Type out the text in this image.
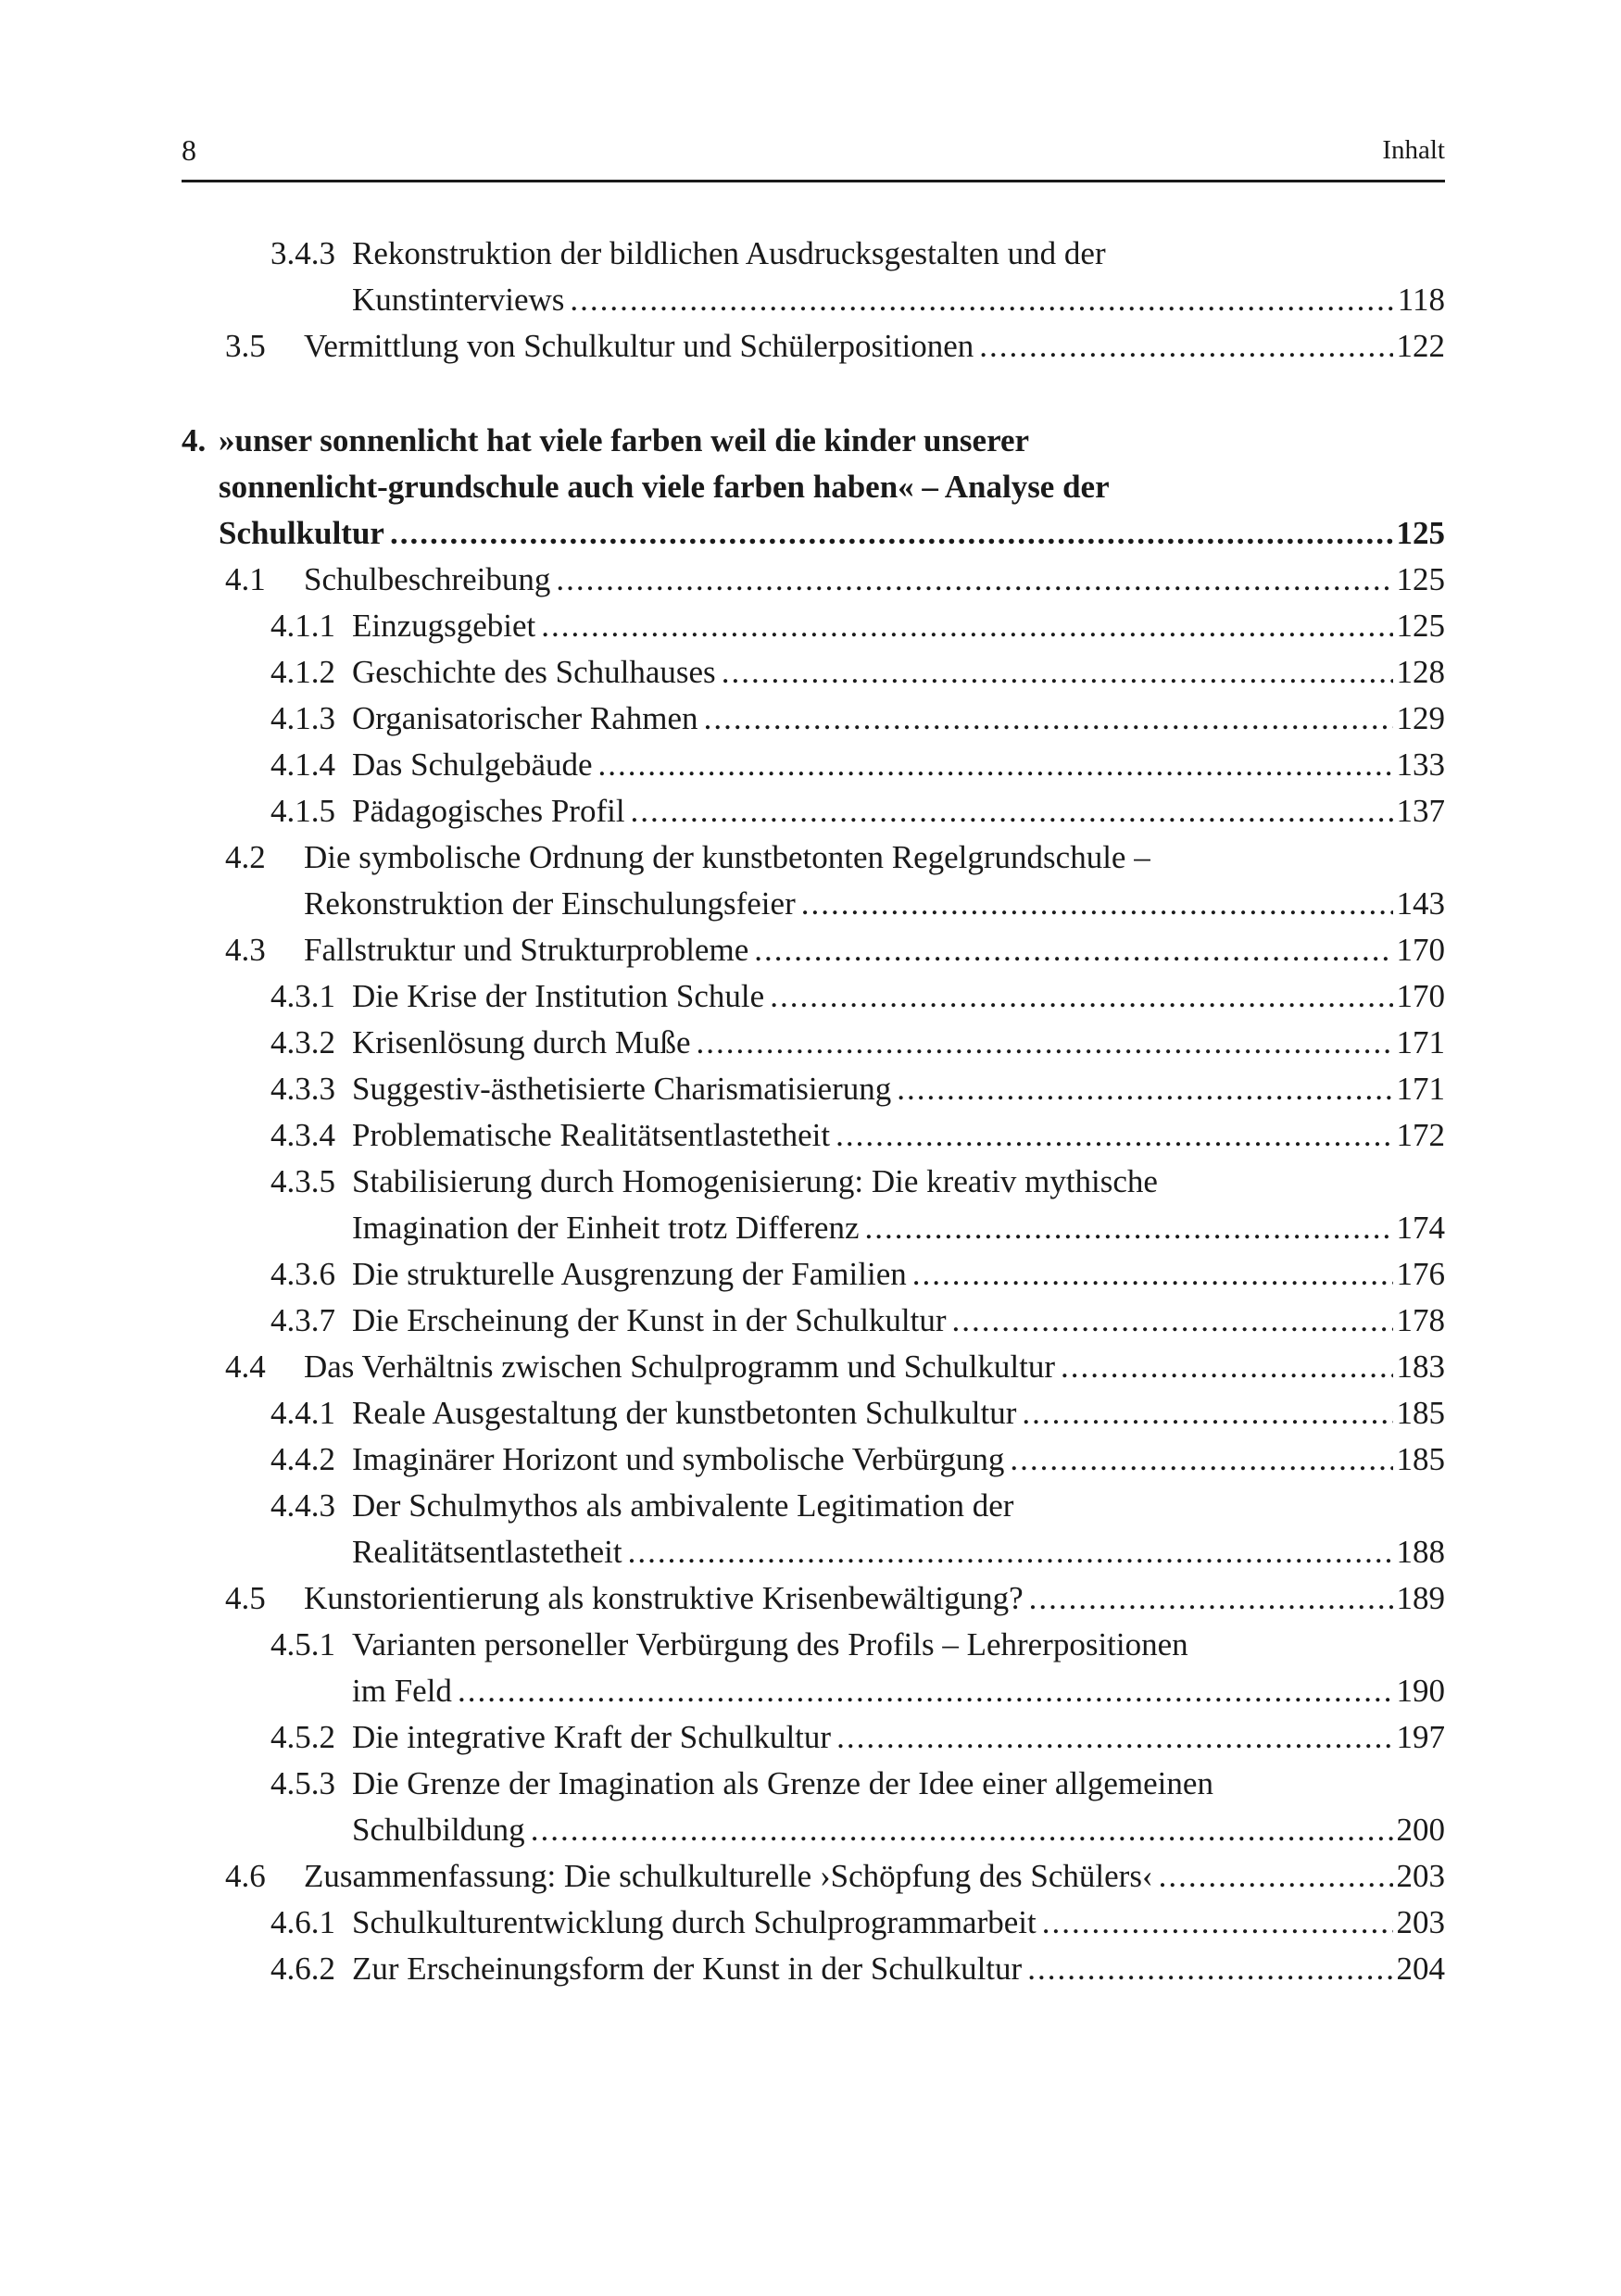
8	Inhalt
3.4.3 Rekonstruktion der bildlichen Ausdrucksgestalten und der
Kunstinterviews .....	118
3.5	Vermittlung von Schulkultur und Schülerpositionen .....	122
4. »unser sonnenlicht hat viele farben weil die kinder unserer
sonnenlicht-grundschule auch viele farben haben« – Analyse der
Schulkultur .....	125
4.1	Schulbeschreibung .....	125
4.1.1 Einzugsgebiet .....	125
4.1.2 Geschichte des Schulhauses .....	128
4.1.3 Organisatorischer Rahmen .....	129
4.1.4 Das Schulgebäude .....	133
4.1.5 Pädagogisches Profil .....	137
4.2	Die symbolische Ordnung der kunstbetonten Regelgrundschule –
Rekonstruktion der Einschulungsfeier .....	143
4.3	Fallstruktur und Strukturprobleme .....	170
4.3.1 Die Krise der Institution Schule .....	170
4.3.2 Krisenlösung durch Muße .....	171
4.3.3 Suggestiv-ästhetisierte Charismatisierung .....	171
4.3.4 Problematische Realitätsentlastetheit .....	172
4.3.5 Stabilisierung durch Homogenisierung: Die kreativ mythische
Imagination der Einheit trotz Differenz .....	174
4.3.6 Die strukturelle Ausgrenzung der Familien .....	176
4.3.7 Die Erscheinung der Kunst in der Schulkultur .....	178
4.4	Das Verhältnis zwischen Schulprogramm und Schulkultur .....	183
4.4.1 Reale Ausgestaltung der kunstbetonten Schulkultur .....	185
4.4.2 Imaginärer Horizont und symbolische Verbürgung .....	185
4.4.3 Der Schulmythos als ambivalente Legitimation der
Realitätsentlastetheit .....	188
4.5	Kunstorientierung als konstruktive Krisenbewältigung? .....	189
4.5.1 Varianten personeller Verbürgung des Profils – Lehrerpositionen
im Feld .....	190
4.5.2 Die integrative Kraft der Schulkultur .....	197
4.5.3 Die Grenze der Imagination als Grenze der Idee einer allgemeinen
Schulbildung .....	200
4.6	Zusammenfassung: Die schulkulturelle ›Schöpfung des Schülers‹ .....	203
4.6.1 Schulkulturentwicklung durch Schulprogrammarbeit .....	203
4.6.2 Zur Erscheinungsform der Kunst in der Schulkultur .....	204
